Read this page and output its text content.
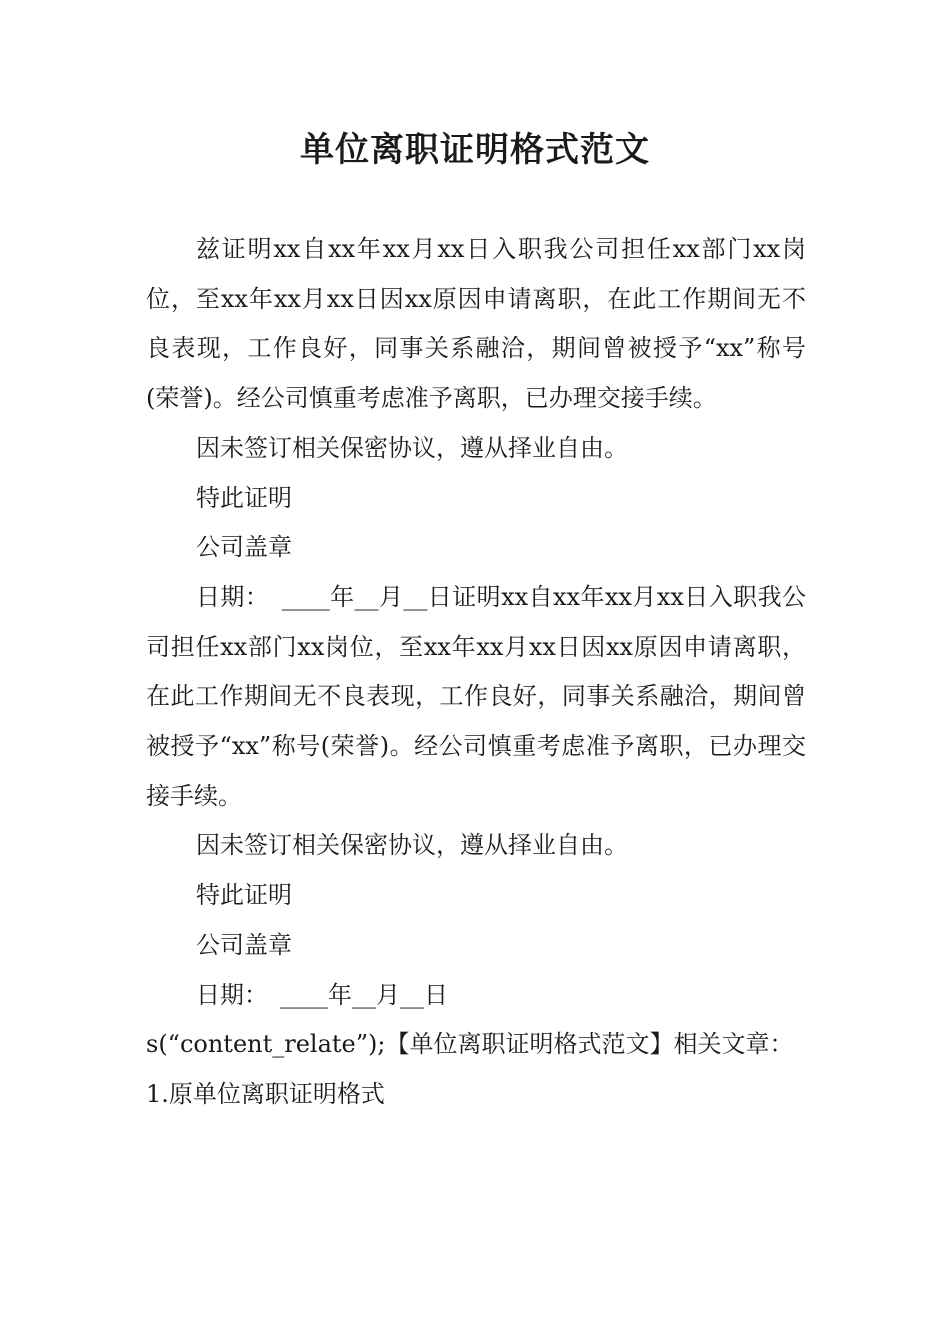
单位离职证明格式范文

兹证明xx自xx年xx月xx日入职我公司担任xx部门xx岗位，至xx年xx月xx日因xx原因申请离职，在此工作期间无不良表现，工作良好，同事关系融洽，期间曾被授予“xx”称号(荣誉)。经公司慎重考虑准予离职，已办理交接手续。

因未签订相关保密协议，遵从择业自由。

特此证明

公司盖章

日期：　____年__月__日证明xx自xx年xx月xx日入职我公司担任xx部门xx岗位，至xx年xx月xx日因xx原因申请离职，在此工作期间无不良表现，工作良好，同事关系融洽，期间曾被授予“xx”称号(荣誉)。经公司慎重考虑准予离职，已办理交接手续。

因未签订相关保密协议，遵从择业自由。

特此证明

公司盖章

日期：　____年__月__日

s(“content_relate”);【单位离职证明格式范文】相关文章：

1.原单位离职证明格式
